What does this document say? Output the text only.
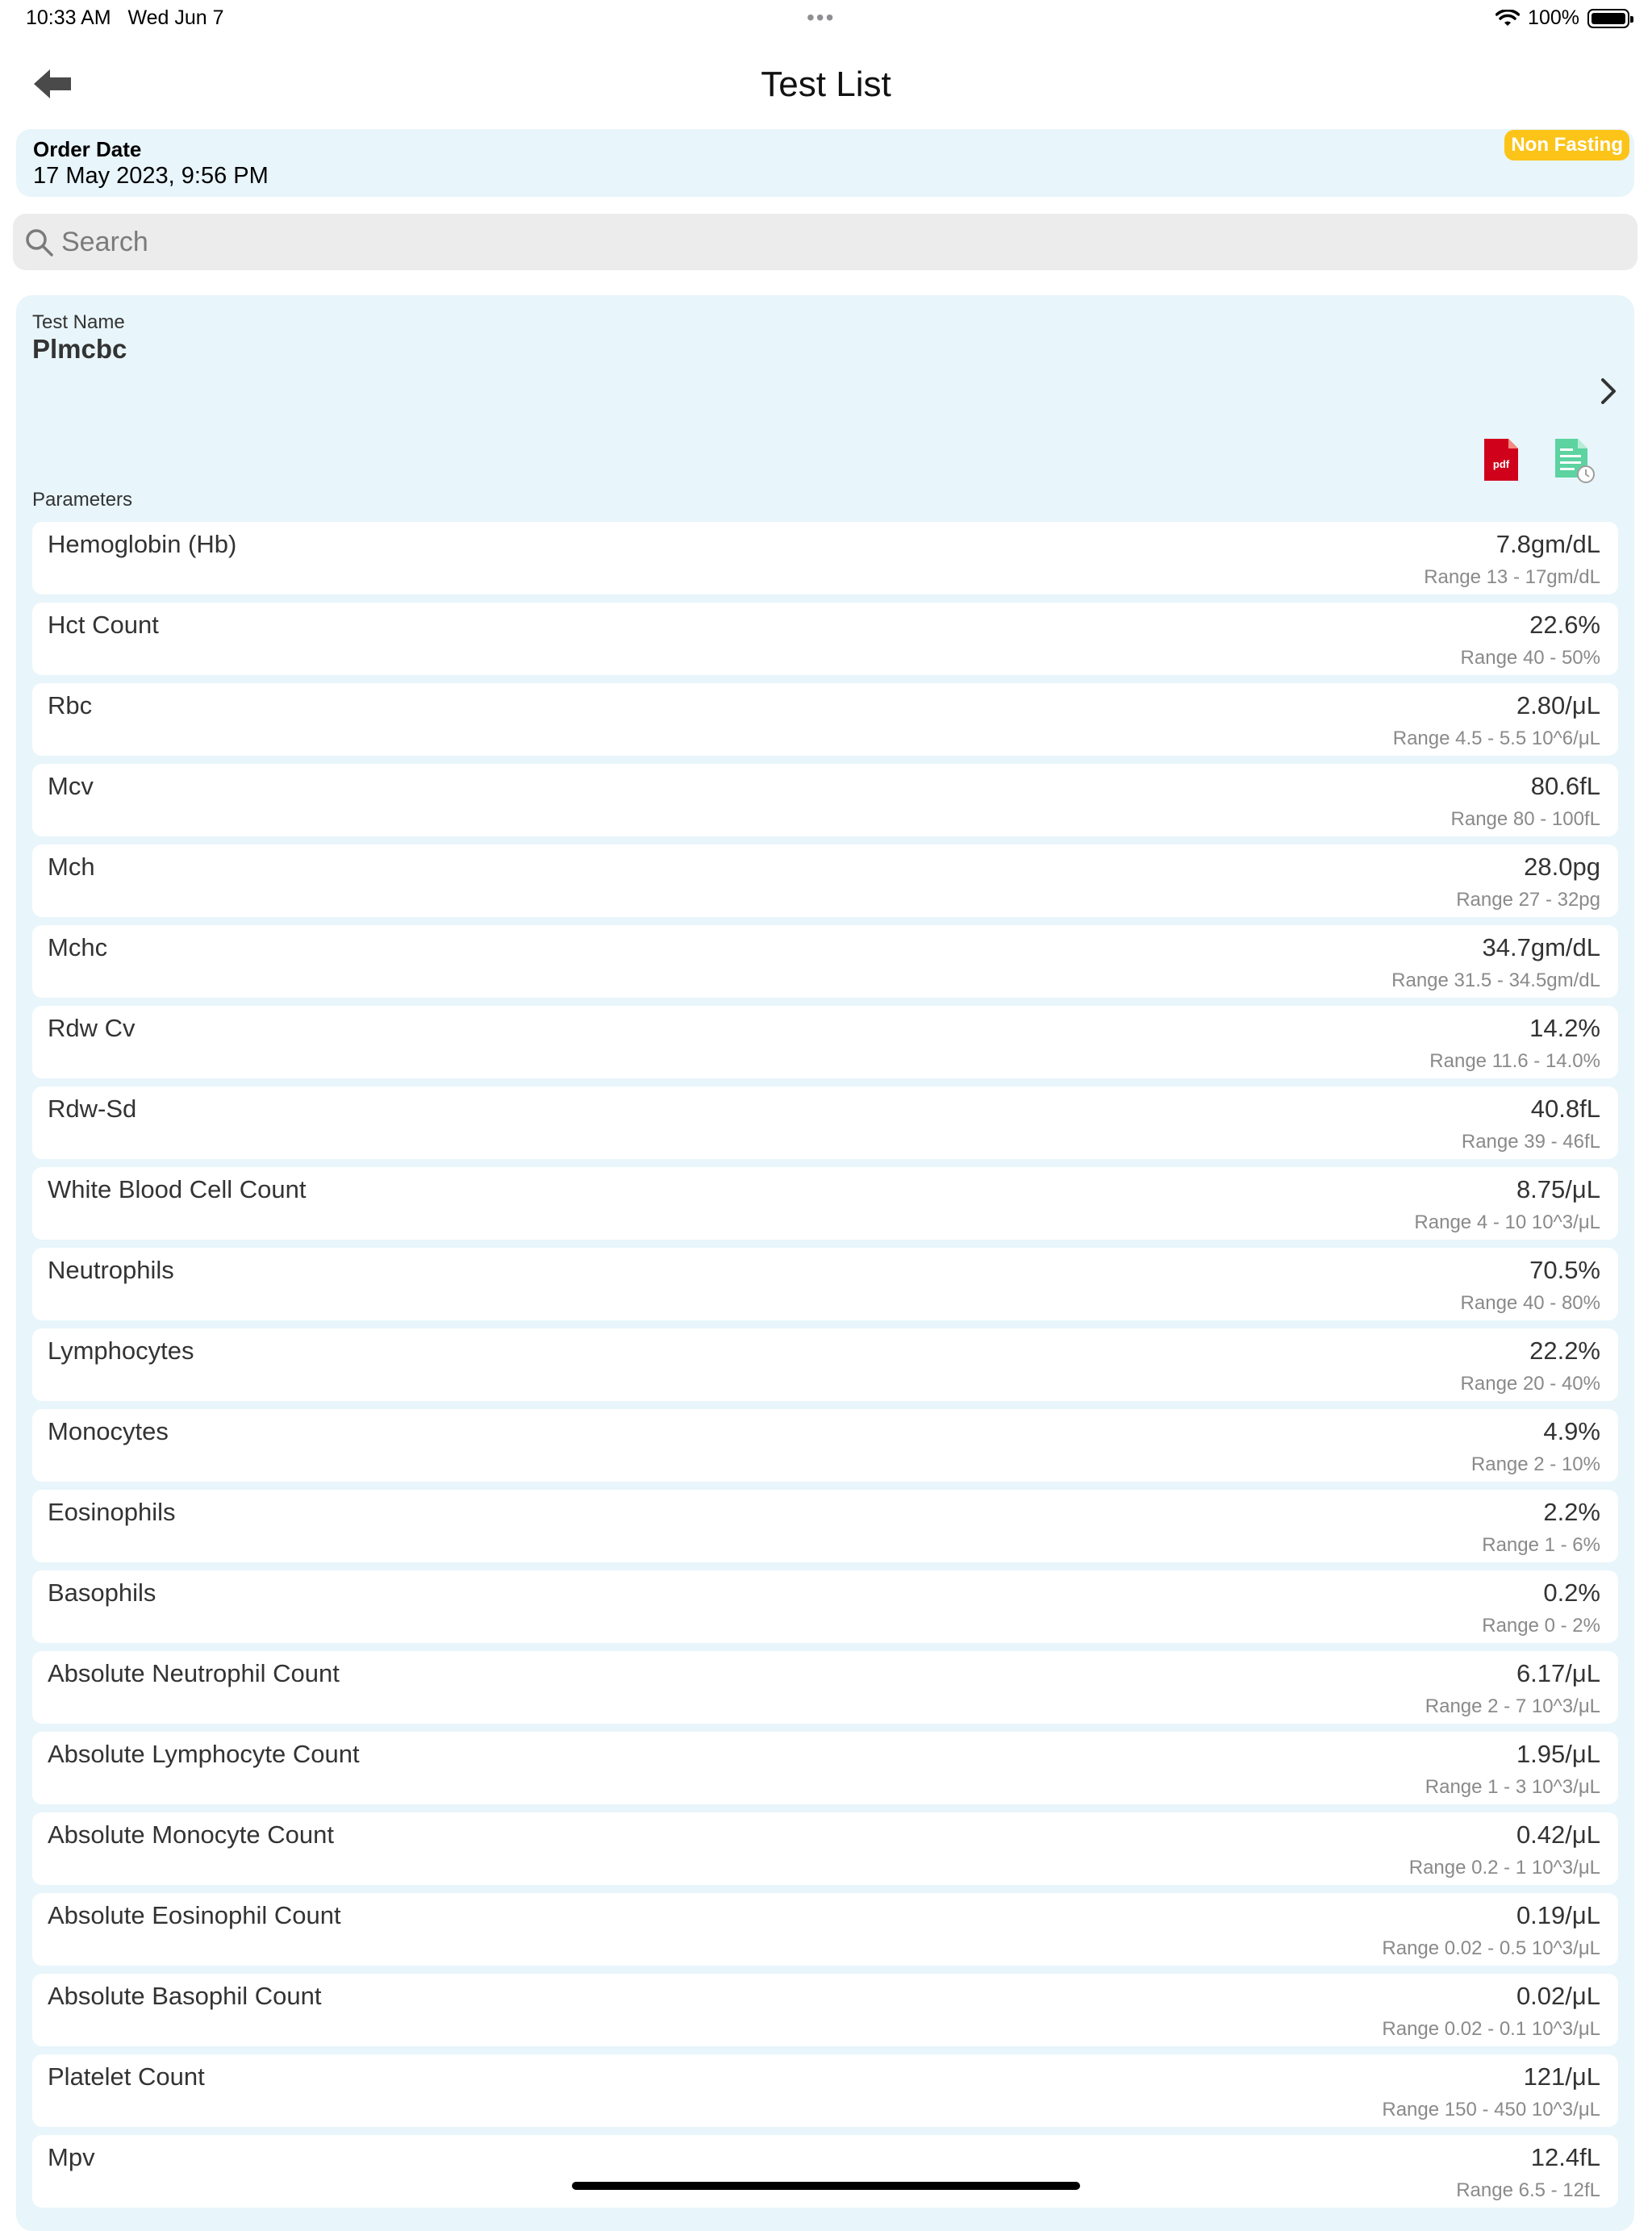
10:33 AM Wed Jun 7	•••	100%
Test List
Order Date
17 May 2023, 9:56 PM
Non Fasting
Search
Test Name
Plmcbc
pdf
Parameters
Hemoglobin (Hb)	7.8gm/dL
Range 13 - 17gm/dL
Hct Count	22.6%
Range 40 - 50%
Rbc	2.80/μL
Range 4.5 - 5.5 10^6/μL
Mcv	80.6fL
Range 80 - 100fL
Mch	28.0pg
Range 27 - 32pg
Mchc	34.7gm/dL
Range 31.5 - 34.5gm/dL
Rdw Cv	14.2%
Range 11.6 - 14.0%
Rdw-Sd	40.8fL
Range 39 - 46fL
White Blood Cell Count	8.75/μL
Range 4 - 10 10^3/μL
Neutrophils	70.5%
Range 40 - 80%
Lymphocytes	22.2%
Range 20 - 40%
Monocytes	4.9%
Range 2 - 10%
Eosinophils	2.2%
Range 1 - 6%
Basophils	0.2%
Range 0 - 2%
Absolute Neutrophil Count	6.17/μL
Range 2 - 7 10^3/μL
Absolute Lymphocyte Count	1.95/μL
Range 1 - 3 10^3/μL
Absolute Monocyte Count	0.42/μL
Range 0.2 - 1 10^3/μL
Absolute Eosinophil Count	0.19/μL
Range 0.02 - 0.5 10^3/μL
Absolute Basophil Count	0.02/μL
Range 0.02 - 0.1 10^3/μL
Platelet Count	121/μL
Range 150 - 450 10^3/μL
Mpv	12.4fL
Range 6.5 - 12fL
